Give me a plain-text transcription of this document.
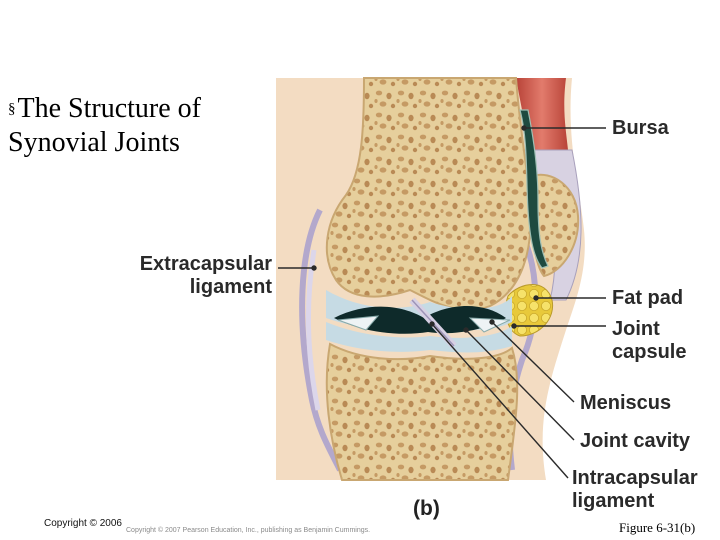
§The Structure of
Synovial Joints	Bursa
Extracapsular
ligament	Fat pad
Joint
capsule
Meniscus
Joint cavity
Intracapsular
ligament
(b)
Copyright © 2006
Copyright © 2007 Pearson Education, Inc., publishing as Benjamin Cummings.	Figure 6-31(b)
